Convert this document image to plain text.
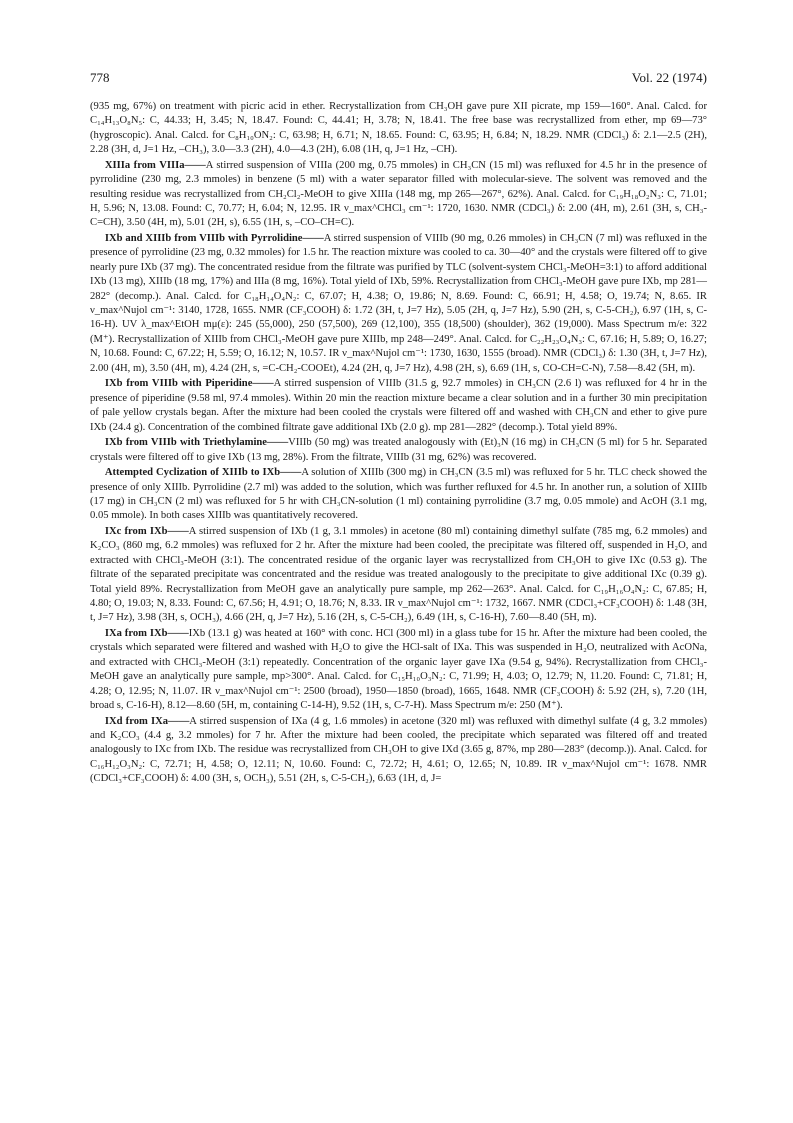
778	Vol. 22 (1974)

(935 mg, 67%) on treatment with picric acid in ether. Recrystallization from CH₃OH gave pure XII picrate, mp 159—160°. Anal. Calcd. for C₁₄H₁₃O₈N₅: C, 44.33; H, 3.45; N, 18.47. Found: C, 44.41; H, 3.78; N, 18.41. The free base was recrystallized from ether, mp 69—73° (hygroscopic). Anal. Calcd. for C₈H₁₀ON₂: C, 63.98; H, 6.71; N, 18.65. Found: C, 63.95; H, 6.84; N, 18.29. NMR (CDCl₃) δ: 2.1—2.5 (2H), 2.28 (3H, d, J=1 Hz, –CH₃), 3.0—3.3 (2H), 4.0—4.3 (2H), 6.08 (1H, q, J=1 Hz, –CH).

XIIIa from VIIIa——A stirred suspension of VIIIa (200 mg, 0.75 mmoles) in CH₃CN (15 ml) was refluxed for 4.5 hr in the presence of pyrrolidine (230 mg, 2.3 mmoles) in benzene (5 ml) with a water separator filled with molecular-sieve. The solvent was removed and the resulting residue was recrystallized from CH₂Cl₂-MeOH to give XIIIa (148 mg, mp 265—267°, 62%). Anal. Calcd. for C₁₉H₁₈O₂N₃: C, 71.01; H, 5.96; N, 13.08. Found: C, 70.77; H, 6.04; N, 12.95. IR ν_max^CHCl₃ cm⁻¹: 1720, 1630. NMR (CDCl₃) δ: 2.00 (4H, m), 2.61 (3H, s, CH₃-C=CH), 3.50 (4H, m), 5.01 (2H, s), 6.55 (1H, s, –CO–CH=C).

IXb and XIIIb from VIIIb with Pyrrolidine——A stirred suspension of VIIIb (90 mg, 0.26 mmoles) in CH₃CN (7 ml) was refluxed in the presence of pyrrolidine (23 mg, 0.32 mmoles) for 1.5 hr. The reaction mixture was cooled to ca. 30—40° and the crystals were filtered off to give nearly pure IXb (37 mg). The concentrated residue from the filtrate was purified by TLC (solvent-system CHCl₃-MeOH=3:1) to afford additional IXb (13 mg), XIIIb (18 mg, 17%) and IIIa (8 mg, 16%). Total yield of IXb, 59%. Recrystallization from CHCl₃-MeOH gave pure IXb, mp 281—282° (decomp.). Anal. Calcd. for C₁₈H₁₄O₄N₂: C, 67.07; H, 4.38; O, 19.86; N, 8.69. Found: C, 66.91; H, 4.58; O, 19.74; N, 8.65. IR ν_max^Nujol cm⁻¹: 3140, 1728, 1655. NMR (CF₃COOH) δ: 1.72 (3H, t, J=7 Hz), 5.05 (2H, q, J=7 Hz), 5.90 (2H, s, C-5-CH₂), 6.97 (1H, s, C-16-H). UV λ_max^EtOH mμ(ε): 245 (55,000), 250 (57,500), 269 (12,100), 355 (18,500) (shoulder), 362 (19,000). Mass Spectrum m/e: 322 (M⁺). Recrystallization of XIIIb from CHCl₃-MeOH gave pure XIIIb, mp 248—249°. Anal. Calcd. for C₂₂H₂₃O₄N₃: C, 67.16; H, 5.89; O, 16.27; N, 10.68. Found: C, 67.22; H, 5.59; O, 16.12; N, 10.57. IR ν_max^Nujol cm⁻¹: 1730, 1630, 1555 (broad). NMR (CDCl₃) δ: 1.30 (3H, t, J=7 Hz), 2.00 (4H, m), 3.50 (4H, m), 4.24 (2H, s, =C-CH₂-COOEt), 4.24 (2H, q, J=7 Hz), 4.98 (2H, s), 6.69 (1H, s, CO-CH=C-N), 7.58—8.42 (5H, m).

IXb from VIIIb with Piperidine——A stirred suspension of VIIIb (31.5 g, 92.7 mmoles) in CH₃CN (2.6 l) was refluxed for 4 hr in the presence of piperidine (9.58 ml, 97.4 mmoles). Within 20 min the reaction mixture became a clear solution and in a further 30 min precipitation of pale yellow crystals began. After the mixture had been cooled the crystals were filtered off and washed with CH₃CN and ether to give pure IXb (24.4 g). Concentration of the combined filtrate gave additional IXb (2.0 g). mp 281—282° (decomp.). Total yield 89%.

IXb from VIIIb with Triethylamine——VIIIb (50 mg) was treated analogously with (Et)₃N (16 mg) in CH₃CN (5 ml) for 5 hr. Separated crystals were filtered off to give IXb (13 mg, 28%). From the filtrate, VIIIb (31 mg, 62%) was recovered.

Attempted Cyclization of XIIIb to IXb——A solution of XIIIb (300 mg) in CH₃CN (3.5 ml) was refluxed for 5 hr. TLC check showed the presence of only XIIIb. Pyrrolidine (2.7 ml) was added to the solution, which was further refluxed for 4.5 hr. In another run, a solution of XIIIb (17 mg) in CH₃CN (2 ml) was refluxed for 5 hr with CH₃CN-solution (1 ml) containing pyrrolidine (3.7 mg, 0.05 mmole) and AcOH (3.1 mg, 0.05 mmole). In both cases XIIIb was quantitatively recovered.

IXc from IXb——A stirred suspension of IXb (1 g, 3.1 mmoles) in acetone (80 ml) containing dimethyl sulfate (785 mg, 6.2 mmoles) and K₂CO₃ (860 mg, 6.2 mmoles) was refluxed for 2 hr. After the mixture had been cooled, the precipitate was filtered off, suspended in H₂O, and extracted with CHCl₃-MeOH (3:1). The concentrated residue of the organic layer was recrystallized from CH₃OH to give IXc (0.53 g). The filtrate of the separated precipitate was concentrated and the residue was treated analogously to the precipitate to give additional IXc (0.39 g). Total yield 89%. Recrystallization from MeOH gave an analytically pure sample, mp 262—263°. Anal. Calcd. for C₁₉H₁₆O₄N₂: C, 67.85; H, 4.80; O, 19.03; N, 8.33. Found: C, 67.56; H, 4.91; O, 18.76; N, 8.33. IR ν_max^Nujol cm⁻¹: 1732, 1667. NMR (CDCl₃+CF₃COOH) δ: 1.48 (3H, t, J=7 Hz), 3.98 (3H, s, OCH₃), 4.66 (2H, q, J=7 Hz), 5.16 (2H, s, C-5-CH₂), 6.49 (1H, s, C-16-H), 7.60—8.40 (5H, m).

IXa from IXb——IXb (13.1 g) was heated at 160° with conc. HCl (300 ml) in a glass tube for 15 hr. After the mixture had been cooled, the crystals which separated were filtered and washed with H₂O to give the HCl-salt of IXa. This was suspended in H₂O, neutralized with AcONa, and extracted with CHCl₃-MeOH (3:1) repeatedly. Concentration of the organic layer gave IXa (9.54 g, 94%). Recrystallization from CHCl₃-MeOH gave an analytically pure sample, mp>300°. Anal. Calcd. for C₁₅H₁₀O₃N₂: C, 71.99; H, 4.03; O, 12.79; N, 11.20. Found: C, 71.81; H, 4.28; O, 12.95; N, 11.07. IR ν_max^Nujol cm⁻¹: 2500 (broad), 1950—1850 (broad), 1665, 1648. NMR (CF₃COOH) δ: 5.92 (2H, s), 7.20 (1H, broad s, C-16-H), 8.12—8.60 (5H, m, containing C-14-H), 9.52 (1H, s, C-7-H). Mass Spectrum m/e: 250 (M⁺).

IXd from IXa——A stirred suspension of IXa (4 g, 1.6 mmoles) in acetone (320 ml) was refluxed with dimethyl sulfate (4 g, 3.2 mmoles) and K₂CO₃ (4.4 g, 3.2 mmoles) for 7 hr. After the mixture had been cooled, the precipitate which separated was filtered off and treated analogously to IXc from IXb. The residue was recrystallized from CH₃OH to give IXd (3.65 g, 87%, mp 280—283° (decomp.)). Anal. Calcd. for C₁₆H₁₂O₃N₂: C, 72.71; H, 4.58; O, 12.11; N, 10.60. Found: C, 72.72; H, 4.61; O, 12.65; N, 10.89. IR ν_max^Nujol cm⁻¹: 1678. NMR (CDCl₃+CF₃COOH) δ: 4.00 (3H, s, OCH₃), 5.51 (2H, s, C-5-CH₂), 6.63 (1H, d, J=
